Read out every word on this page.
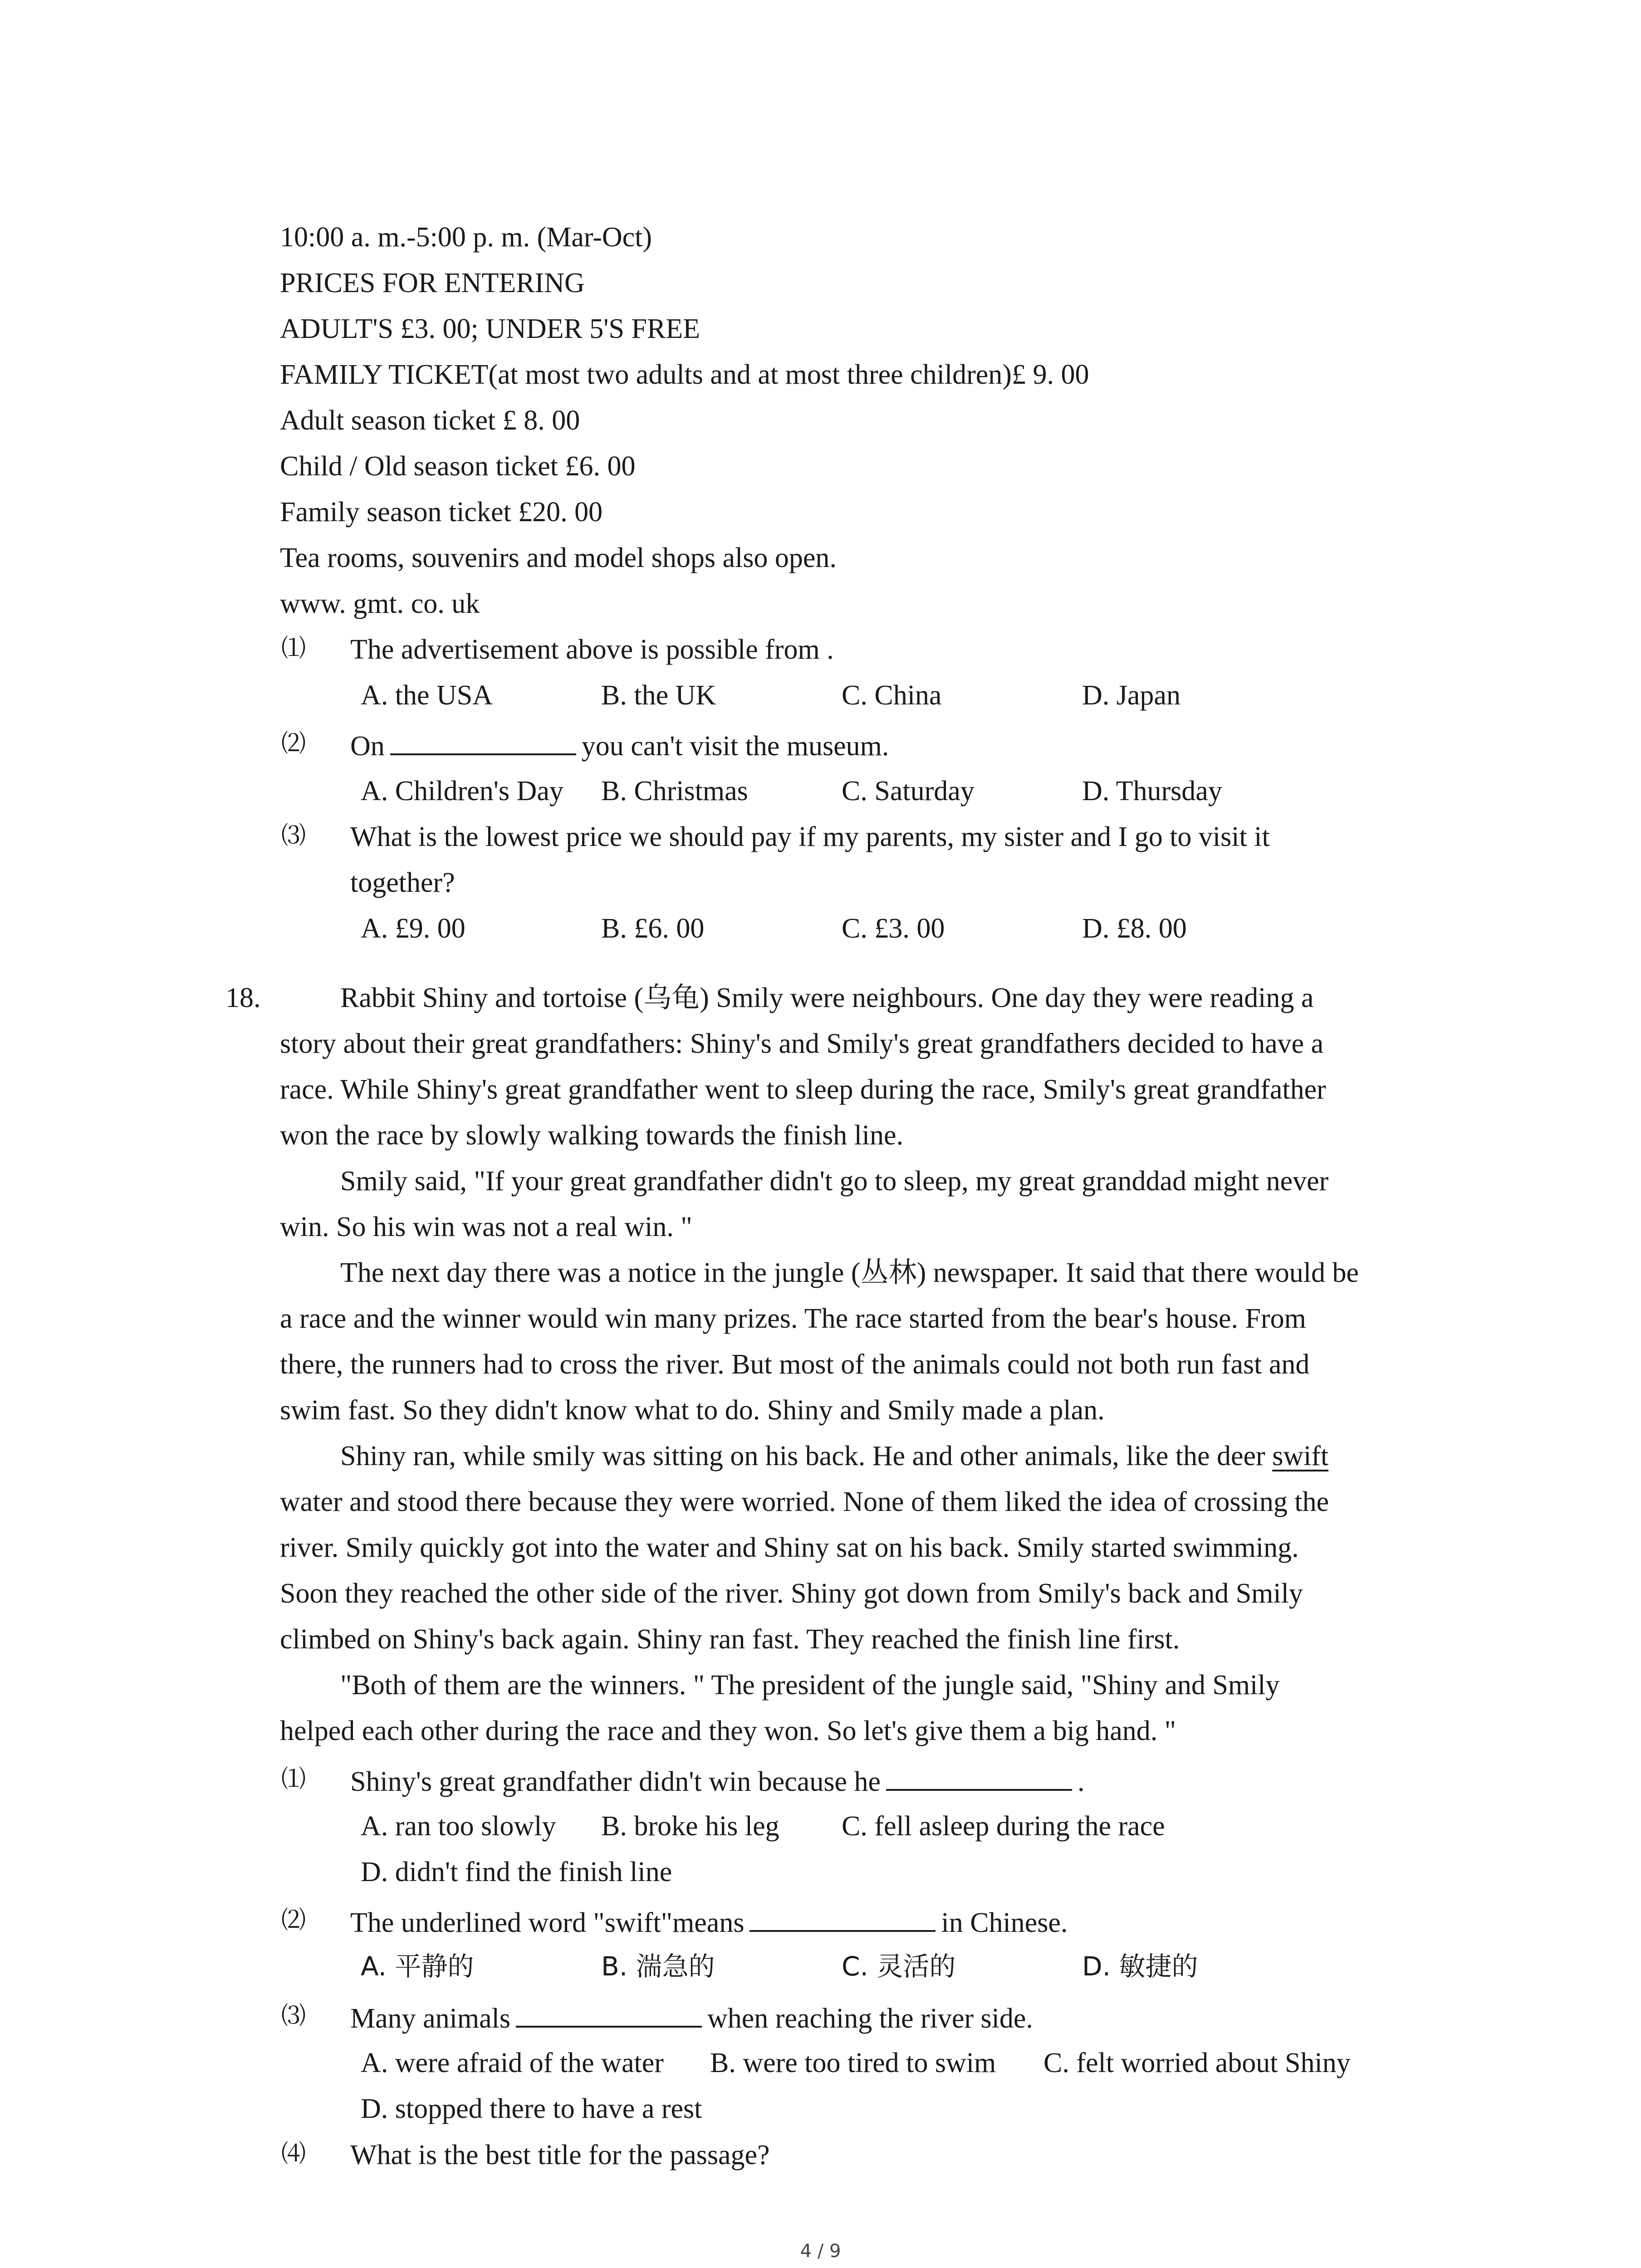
10:00 a. m.-5:00 p. m. (Mar-Oct)
PRICES FOR ENTERING
ADULT'S £3. 00; UNDER 5'S FREE
FAMILY TICKET(at most two adults and at most three children)£ 9. 00
Adult season ticket £ 8. 00
Child / Old season ticket £6. 00
Family season ticket £20. 00
Tea rooms, souvenirs and model shops also open.
www. gmt. co. uk
⑴ The advertisement above is possible from .
A. the USA	B. the UK	C. China	D. Japan
⑵ On	you can't visit the museum.
A. Children's Day B. Christmas	C. Saturday	D. Thursday
⑶ What is the lowest price we should pay if my parents, my sister and I go to visit it
together?
A. £9. 00	B. £6. 00	C. £3. 00	D. £8. 00
18.	Rabbit Shiny and tortoise (乌龟) Smily were neighbours. One day they were reading a
story about their great grandfathers: Shiny's and Smily's great grandfathers decided to have a
race. While Shiny's great grandfather went to sleep during the race, Smily's great grandfather
won the race by slowly walking towards the finish line.
Smily said, "If your great grandfather didn't go to sleep, my great granddad might never
win. So his win was not a real win. "
The next day there was a notice in the jungle (丛林) newspaper. It said that there would be
a race and the winner would win many prizes. The race started from the bear's house. From
there, the runners had to cross the river. But most of the animals could not both run fast and
swim fast. So they didn't know what to do. Shiny and Smily made a plan.
Shiny ran, while smily was sitting on his back. He and other animals, like the deer swift
water and stood there because they were worried. None of them liked the idea of crossing the
river. Smily quickly got into the water and Shiny sat on his back. Smily started swimming.
Soon they reached the other side of the river. Shiny got down from Smily's back and Smily
climbed on Shiny's back again. Shiny ran fast. They reached the finish line first.
"Both of them are the winners. " The president of the jungle said, "Shiny and Smily
helped each other during the race and they won. So let's give them a big hand. "
⑴ Shiny's great grandfather didn't win because he	.
A. ran too slowly B. broke his leg C. fell asleep during the race
D. didn't find the finish line
⑵ The underlined word "swift"means	in Chinese.
A. 平静的	B. 湍急的	C. 灵活的	D. 敏捷的
⑶ Many animals	when reaching the river side.
A. were afraid of the water B. were too tired to swim C. felt worried about Shiny
D. stopped there to have a rest
⑷ What is the best title for the passage?
4 / 9
